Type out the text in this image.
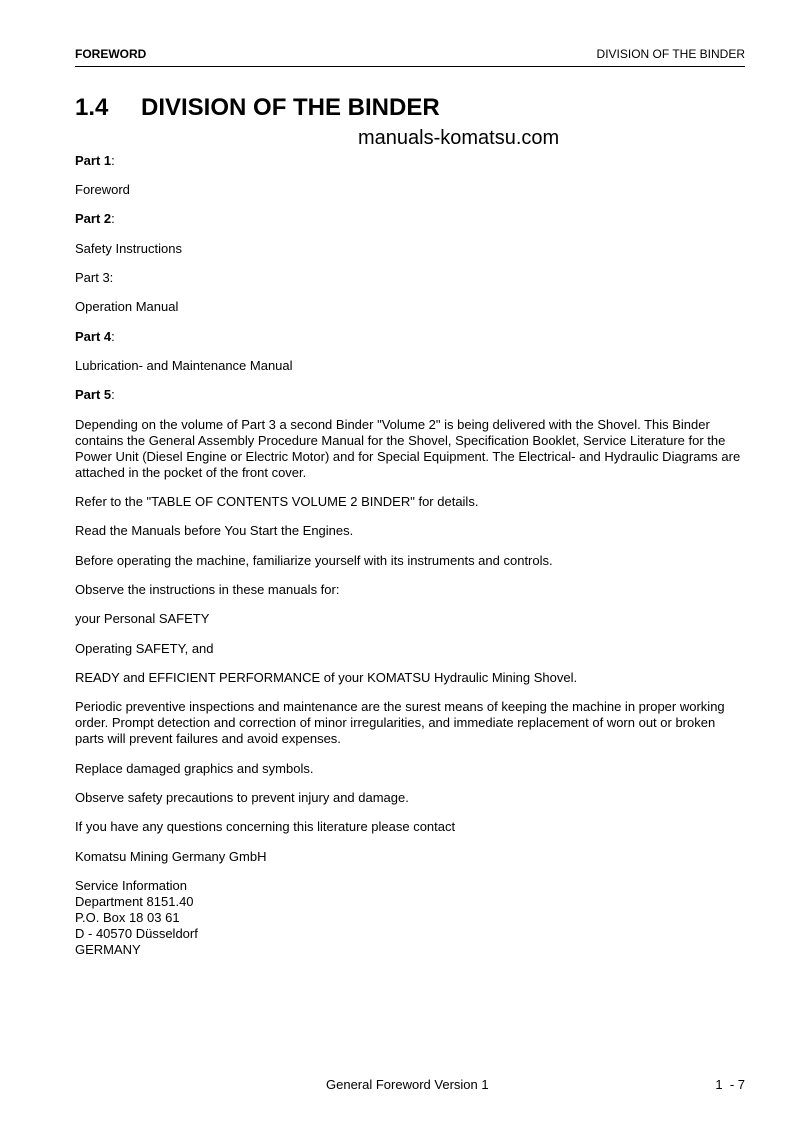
FOREWORD	DIVISION OF THE BINDER
1.4 DIVISION OF THE BINDER
manuals-komatsu.com
Part 1:
Foreword
Part 2:
Safety Instructions
Part 3:
Operation Manual
Part 4:
Lubrication- and Maintenance Manual
Part 5:
Depending on the volume of Part 3 a second Binder "Volume 2" is being delivered with the Shovel. This Binder contains the General Assembly Procedure Manual for the Shovel, Specification Booklet, Service Literature for the Power Unit (Diesel Engine or Electric Motor) and for Special Equipment. The Electrical- and Hydraulic Diagrams are attached in the pocket of the front cover.
Refer to the "TABLE OF CONTENTS VOLUME 2 BINDER" for details.
Read the Manuals before You Start the Engines.
Before operating the machine, familiarize yourself with its instruments and controls.
Observe the instructions in these manuals for:
your Personal SAFETY
Operating SAFETY, and
READY and EFFICIENT PERFORMANCE of your KOMATSU Hydraulic Mining Shovel.
Periodic preventive inspections and maintenance are the surest means of keeping the machine in proper working order. Prompt detection and correction of minor irregularities, and immediate replacement of worn out or broken parts will prevent failures and avoid expenses.
Replace damaged graphics and symbols.
Observe safety precautions to prevent injury and damage.
If you have any questions concerning this literature please contact
Komatsu Mining Germany GmbH
Service Information
Department 8151.40
P.O. Box 18 03 61
D - 40570 Düsseldorf
GERMANY
General Foreword Version 1	1  - 7
